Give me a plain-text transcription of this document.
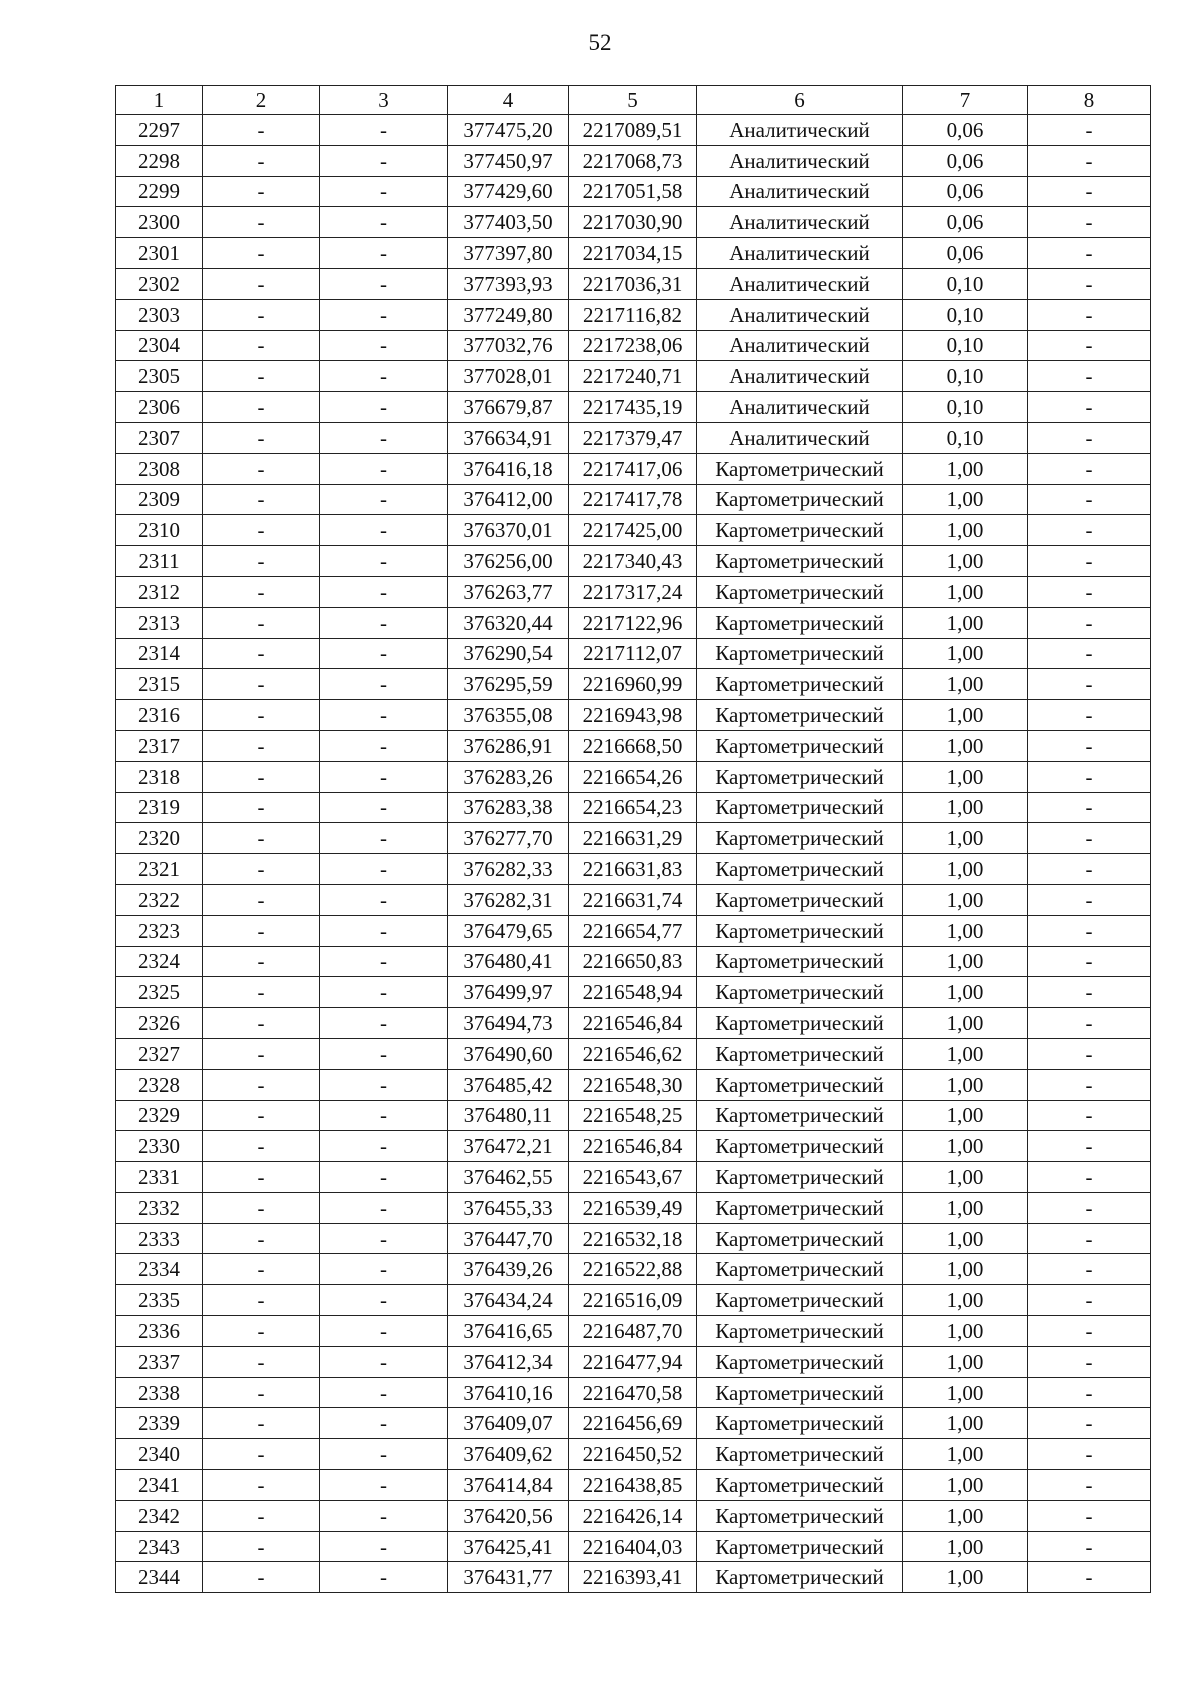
52
1	2	3	4	5	6	7	8
2297	-	-	377475,20	2217089,51	Аналитический	0,06	-
2298	-	-	377450,97	2217068,73	Аналитический	0,06	-
2299	-	-	377429,60	2217051,58	Аналитический	0,06	-
2300	-	-	377403,50	2217030,90	Аналитический	0,06	-
2301	-	-	377397,80	2217034,15	Аналитический	0,06	-
2302	-	-	377393,93	2217036,31	Аналитический	0,10	-
2303	-	-	377249,80	2217116,82	Аналитический	0,10	-
2304	-	-	377032,76	2217238,06	Аналитический	0,10	-
2305	-	-	377028,01	2217240,71	Аналитический	0,10	-
2306	-	-	376679,87	2217435,19	Аналитический	0,10	-
2307	-	-	376634,91	2217379,47	Аналитический	0,10	-
2308	-	-	376416,18	2217417,06	Картометрический	1,00	-
2309	-	-	376412,00	2217417,78	Картометрический	1,00	-
2310	-	-	376370,01	2217425,00	Картометрический	1,00	-
2311	-	-	376256,00	2217340,43	Картометрический	1,00	-
2312	-	-	376263,77	2217317,24	Картометрический	1,00	-
2313	-	-	376320,44	2217122,96	Картометрический	1,00	-
2314	-	-	376290,54	2217112,07	Картометрический	1,00	-
2315	-	-	376295,59	2216960,99	Картометрический	1,00	-
2316	-	-	376355,08	2216943,98	Картометрический	1,00	-
2317	-	-	376286,91	2216668,50	Картометрический	1,00	-
2318	-	-	376283,26	2216654,26	Картометрический	1,00	-
2319	-	-	376283,38	2216654,23	Картометрический	1,00	-
2320	-	-	376277,70	2216631,29	Картометрический	1,00	-
2321	-	-	376282,33	2216631,83	Картометрический	1,00	-
2322	-	-	376282,31	2216631,74	Картометрический	1,00	-
2323	-	-	376479,65	2216654,77	Картометрический	1,00	-
2324	-	-	376480,41	2216650,83	Картометрический	1,00	-
2325	-	-	376499,97	2216548,94	Картометрический	1,00	-
2326	-	-	376494,73	2216546,84	Картометрический	1,00	-
2327	-	-	376490,60	2216546,62	Картометрический	1,00	-
2328	-	-	376485,42	2216548,30	Картометрический	1,00	-
2329	-	-	376480,11	2216548,25	Картометрический	1,00	-
2330	-	-	376472,21	2216546,84	Картометрический	1,00	-
2331	-	-	376462,55	2216543,67	Картометрический	1,00	-
2332	-	-	376455,33	2216539,49	Картометрический	1,00	-
2333	-	-	376447,70	2216532,18	Картометрический	1,00	-
2334	-	-	376439,26	2216522,88	Картометрический	1,00	-
2335	-	-	376434,24	2216516,09	Картометрический	1,00	-
2336	-	-	376416,65	2216487,70	Картометрический	1,00	-
2337	-	-	376412,34	2216477,94	Картометрический	1,00	-
2338	-	-	376410,16	2216470,58	Картометрический	1,00	-
2339	-	-	376409,07	2216456,69	Картометрический	1,00	-
2340	-	-	376409,62	2216450,52	Картометрический	1,00	-
2341	-	-	376414,84	2216438,85	Картометрический	1,00	-
2342	-	-	376420,56	2216426,14	Картометрический	1,00	-
2343	-	-	376425,41	2216404,03	Картометрический	1,00	-
2344	-	-	376431,77	2216393,41	Картометрический	1,00	-
